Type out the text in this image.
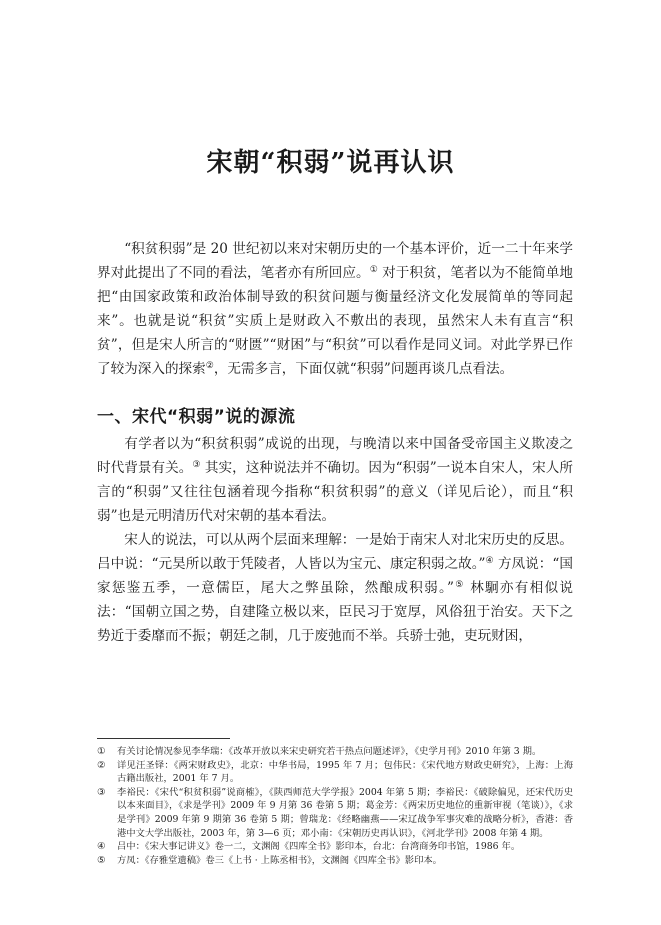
宋朝“积弱”说再认识

“积贫积弱”是 20 世纪初以来对宋朝历史的一个基本评价，近一二十年来学界对此提出了不同的看法，笔者亦有所回应。① 对于积贫，笔者以为不能简单地把“由国家政策和政治体制导致的积贫问题与衡量经济文化发展简单的等同起来”。也就是说“积贫”实质上是财政入不敷出的表现，虽然宋人未有直言“积贫”，但是宋人所言的“财匮”“财困”与“积贫”可以看作是同义词。对此学界已作了较为深入的探索②，无需多言，下面仅就“积弱”问题再谈几点看法。

一、宋代“积弱”说的源流

有学者以为“积贫积弱”成说的出现，与晚清以来中国备受帝国主义欺凌之时代背景有关。③ 其实，这种说法并不确切。因为“积弱”一说本自宋人，宋人所言的“积弱”又往往包涵着现今指称“积贫积弱”的意义（详见后论），而且“积弱”也是元明清历代对宋朝的基本看法。

宋人的说法，可以从两个层面来理解：一是始于南宋人对北宋历史的反思。吕中说：“元昊所以敢于凭陵者，人皆以为宝元、康定积弱之故。”④ 方凤说：“国家惩鉴五季，一意儒臣，尾大之弊虽除，然酿成积弱。”⑤ 林駉亦有相似说法：“国朝立国之势，自建隆立极以来，臣民习于宽厚，风俗狃于治安。天下之势近于委靡而不振；朝廷之制，几于废弛而不举。兵骄士弛，吏玩财困，

①	有关讨论情况参见李华瑞：《改革开放以来宋史研究若干热点问题述评》，《史学月刊》2010 年第 3 期。
②	详见汪圣铎：《两宋财政史》，北京：中华书局，1995 年 7 月；包伟民：《宋代地方财政史研究》，上海：上海古籍出版社，2001 年 7 月。
③	李裕民：《宋代“积贫积弱”说商榷》，《陕西师范大学学报》2004 年第 5 期；李裕民：《破除偏见，还宋代历史以本来面目》，《求是学刊》2009 年 9 月第 36 卷第 5 期；葛金芳：《两宋历史地位的重新审视（笔谈）》，《求是学刊》2009 年第 9 期第 36 卷第 5 期；曾瑞龙：《经略幽燕——宋辽战争军事灾难的战略分析》，香港：香港中文大学出版社，2003 年，第 3—6 页；邓小南：《宋朝历史再认识》，《河北学刊》2008 年第 4 期。
④	吕中：《宋大事记讲义》卷一二，文渊阁《四库全书》影印本，台北：台湾商务印书馆，1986 年。
⑤	方凤：《存雅堂遗稿》卷三《上书 · 上陈丞相书》，文渊阁《四库全书》影印本。
